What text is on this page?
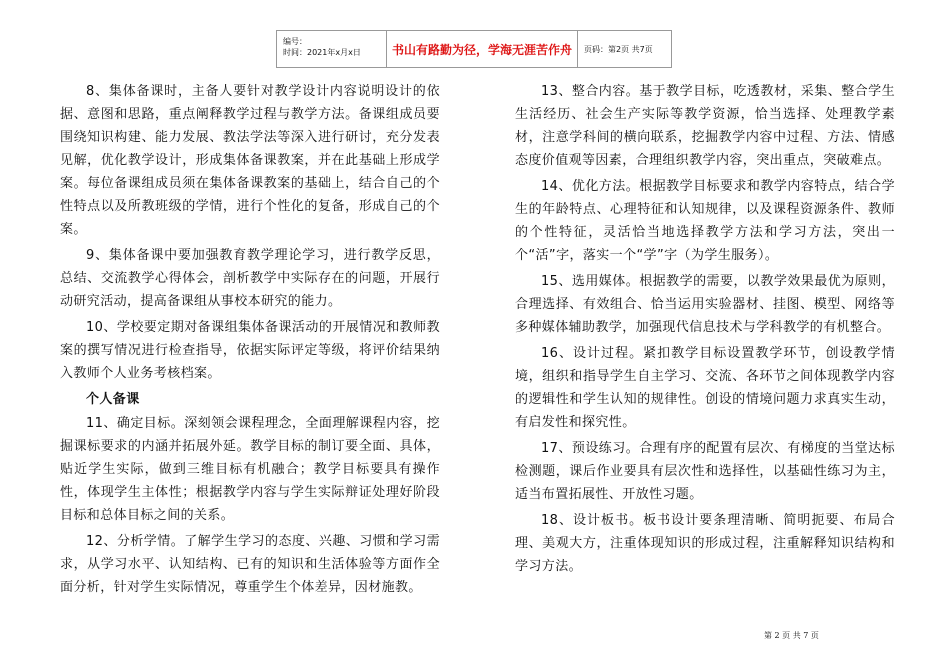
编号：
时间：2021年x月x日	书山有路勤为径，学海无涯苦作舟	页码：第2页 共7页

8、集体备课时，主备人要针对教学设计内容说明设计的依据、意图和思路，重点阐释教学过程与教学方法。备课组成员要围绕知识构建、能力发展、教法学法等深入进行研讨，充分发表见解，优化教学设计，形成集体备课教案，并在此基础上形成学案。每位备课组成员须在集体备课教案的基础上，结合自己的个性特点以及所教班级的学情，进行个性化的复备，形成自己的个案。

9、集体备课中要加强教育教学理论学习，进行教学反思，总结、交流教学心得体会，剖析教学中实际存在的问题，开展行动研究活动，提高备课组从事校本研究的能力。

10、学校要定期对备课组集体备课活动的开展情况和教师教案的撰写情况进行检查指导，依据实际评定等级，将评价结果纳入教师个人业务考核档案。

个人备课

11、确定目标。深刻领会课程理念，全面理解课程内容，挖掘课标要求的内涵并拓展外延。教学目标的制订要全面、具体，贴近学生实际，做到三维目标有机融合；教学目标要具有操作性，体现学生主体性；根据教学内容与学生实际辩证处理好阶段目标和总体目标之间的关系。

12、分析学情。了解学生学习的态度、兴趣、习惯和学习需求，从学习水平、认知结构、已有的知识和生活体验等方面作全面分析，针对学生实际情况，尊重学生个体差异，因材施教。

13、整合内容。基于教学目标，吃透教材，采集、整合学生生活经历、社会生产实际等教学资源，恰当选择、处理教学素材，注意学科间的横向联系，挖掘教学内容中过程、方法、情感态度价值观等因素，合理组织教学内容，突出重点，突破难点。

14、优化方法。根据教学目标要求和教学内容特点，结合学生的年龄特点、心理特征和认知规律，以及课程资源条件、教师的个性特征，灵活恰当地选择教学方法和学习方法，突出一个“活”字，落实一个“学”字（为学生服务）。

15、选用媒体。根据教学的需要，以教学效果最优为原则，合理选择、有效组合、恰当运用实验器材、挂图、模型、网络等多种媒体辅助教学，加强现代信息技术与学科教学的有机整合。

16、设计过程。紧扣教学目标设置教学环节，创设教学情境，组织和指导学生自主学习、交流、各环节之间体现教学内容的逻辑性和学生认知的规律性。创设的情境问题力求真实生动，有启发性和探究性。

17、预设练习。合理有序的配置有层次、有梯度的当堂达标检测题，课后作业要具有层次性和选择性，以基础性练习为主，适当布置拓展性、开放性习题。

18、设计板书。板书设计要条理清晰、简明扼要、布局合理、美观大方，注重体现知识的形成过程，注重解释知识结构和学习方法。

第 2 页 共 7 页
